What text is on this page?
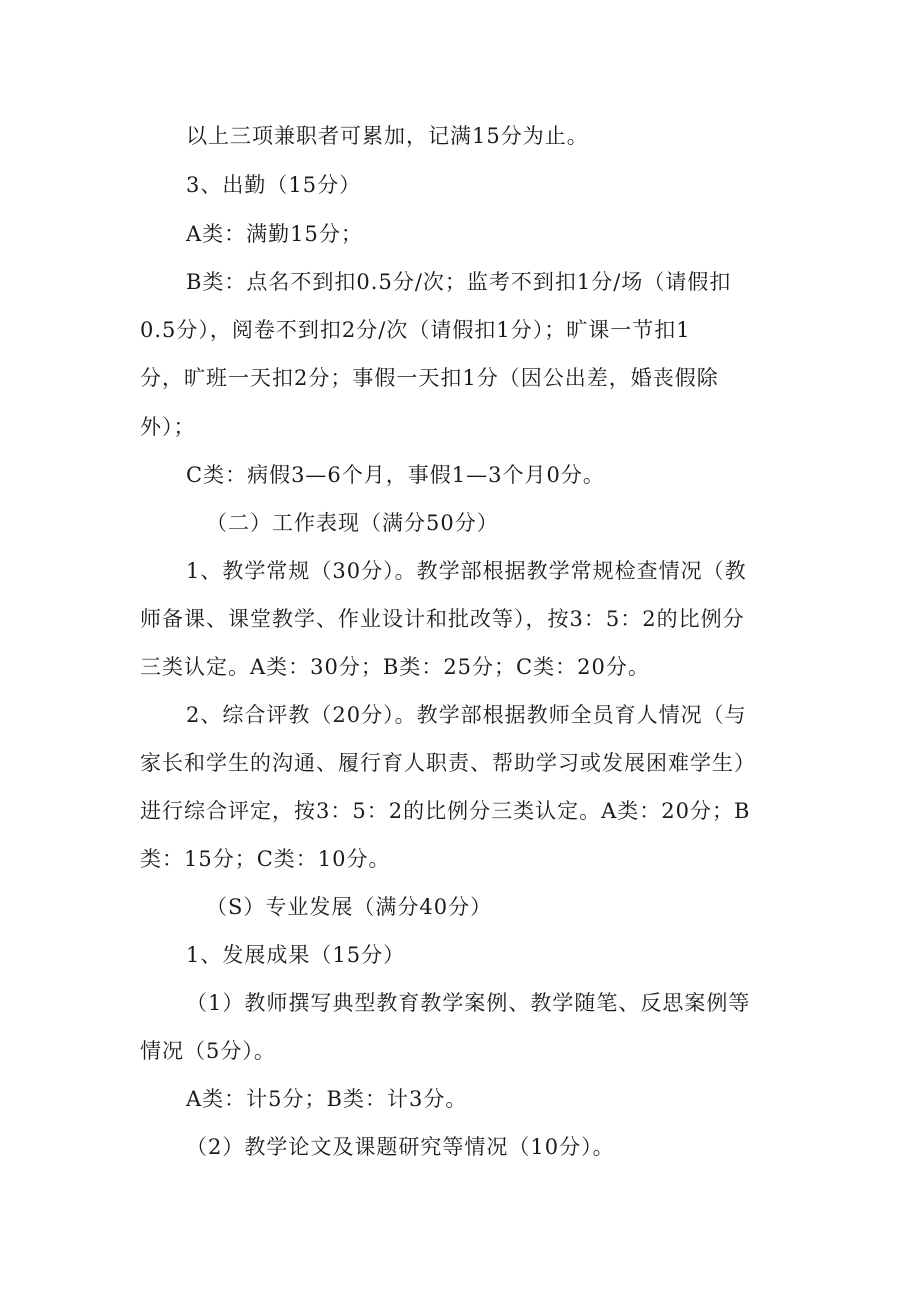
以上三项兼职者可累加，记满15分为止。
3、出勤（15分）
A类：满勤15分；
B类：点名不到扣0.5分/次；监考不到扣1分/场（请假扣
0.5分），阅卷不到扣2分/次（请假扣1分）；旷课一节扣1
分，旷班一天扣2分；事假一天扣1分（因公出差，婚丧假除
外）；
C类：病假3—6个月，事假1—3个月0分。
（二）工作表现（满分50分）
1、教学常规（30分）。教学部根据教学常规检查情况（教
师备课、课堂教学、作业设计和批改等），按3：5：2的比例分
三类认定。A类：30分；B类：25分；C类：20分。
2、综合评教（20分）。教学部根据教师全员育人情况（与
家长和学生的沟通、履行育人职责、帮助学习或发展困难学生）
进行综合评定，按3：5：2的比例分三类认定。A类：20分；B
类：15分；C类：10分。
（S）专业发展（满分40分）
1、发展成果（15分）
（1）教师撰写典型教育教学案例、教学随笔、反思案例等
情况（5分）。
A类：计5分；B类：计3分。
（2）教学论文及课题研究等情况（10分）。
